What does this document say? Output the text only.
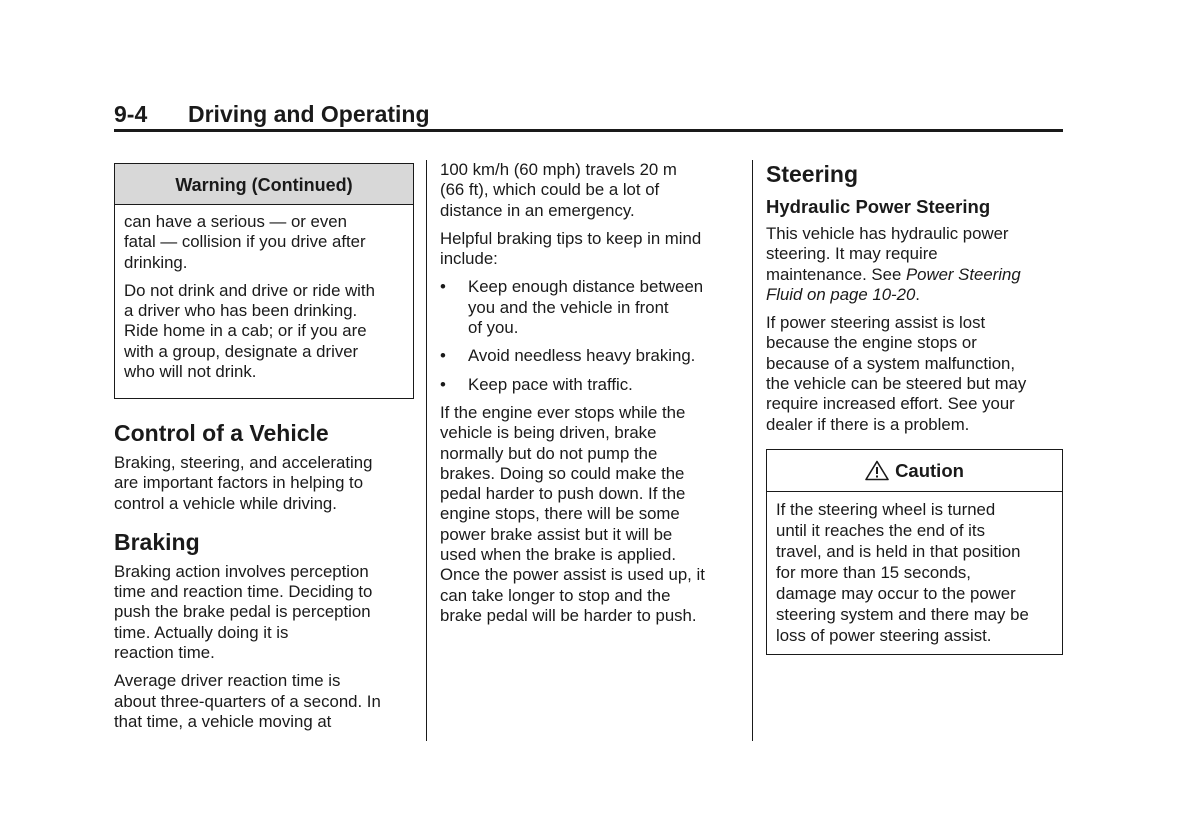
9-4 Driving and Operating
Warning (Continued)

can have a serious — or even
fatal — collision if you drive after
drinking.

Do not drink and drive or ride with
a driver who has been drinking.
Ride home in a cab; or if you are
with a group, designate a driver
who will not drink.

Control of a Vehicle

Braking, steering, and accelerating
are important factors in helping to
control a vehicle while driving.

Braking

Braking action involves perception
time and reaction time. Deciding to
push the brake pedal is perception
time. Actually doing it is
reaction time.

Average driver reaction time is
about three-quarters of a second. In
that time, a vehicle moving at

100 km/h (60 mph) travels 20 m
(66 ft), which could be a lot of
distance in an emergency.

Helpful braking tips to keep in mind
include:

• Keep enough distance between
you and the vehicle in front
of you.
• Avoid needless heavy braking.
• Keep pace with traffic.

If the engine ever stops while the
vehicle is being driven, brake
normally but do not pump the
brakes. Doing so could make the
pedal harder to push down. If the
engine stops, there will be some
power brake assist but it will be
used when the brake is applied.
Once the power assist is used up, it
can take longer to stop and the
brake pedal will be harder to push.

Steering
Hydraulic Power Steering

This vehicle has hydraulic power
steering. It may require
maintenance. See Power Steering
Fluid on page 10-20.

If power steering assist is lost
because the engine stops or
because of a system malfunction,
the vehicle can be steered but may
require increased effort. See your
dealer if there is a problem.

Caution

If the steering wheel is turned
until it reaches the end of its
travel, and is held in that position
for more than 15 seconds,
damage may occur to the power
steering system and there may be
loss of power steering assist.
